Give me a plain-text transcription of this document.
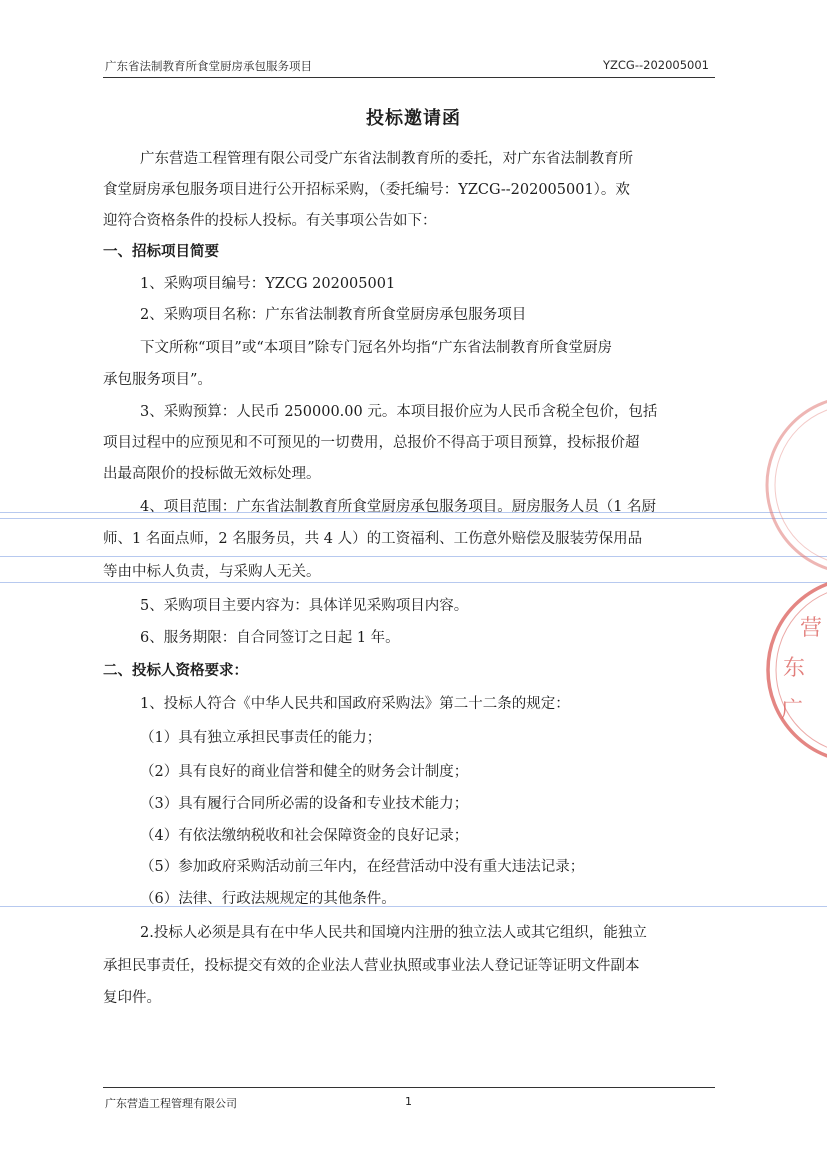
广东省法制教育所食堂厨房承包服务项目	YZCG--202005001
投标邀请函
广东营造工程管理有限公司受广东省法制教育所的委托，对广东省法制教育所
食堂厨房承包服务项目进行公开招标采购，（委托编号：YZCG--202005001）。欢
迎符合资格条件的投标人投标。有关事项公告如下：
一、招标项目简要
1、采购项目编号：YZCG 202005001
2、采购项目名称：广东省法制教育所食堂厨房承包服务项目
下文所称“项目”或“本项目”除专门冠名外均指“广东省法制教育所食堂厨房
承包服务项目”。
3、采购预算：人民币 250000.00 元。本项目报价应为人民币含税全包价，包括
项目过程中的应预见和不可预见的一切费用，总报价不得高于项目预算，投标报价超
出最高限价的投标做无效标处理。
4、项目范围：广东省法制教育所食堂厨房承包服务项目。厨房服务人员（1 名厨
师、1 名面点师，2 名服务员，共 4 人）的工资福利、工伤意外赔偿及服装劳保用品
等由中标人负责，与采购人无关。
5、采购项目主要内容为：具体详见采购项目内容。
6、服务期限：自合同签订之日起 1 年。
二、投标人资格要求：
1、投标人符合《中华人民共和国政府采购法》第二十二条的规定：
（1）具有独立承担民事责任的能力；
（2）具有良好的商业信誉和健全的财务会计制度；
（3）具有履行合同所必需的设备和专业技术能力；
（4）有依法缴纳税收和社会保障资金的良好记录；
（5）参加政府采购活动前三年内，在经营活动中没有重大违法记录；
（6）法律、行政法规规定的其他条件。
2.投标人必须是具有在中华人民共和国境内注册的独立法人或其它组织，能独立
承担民事责任，投标提交有效的企业法人营业执照或事业法人登记证等证明文件副本
复印件。
营
东
广
广东营造工程管理有限公司	1
